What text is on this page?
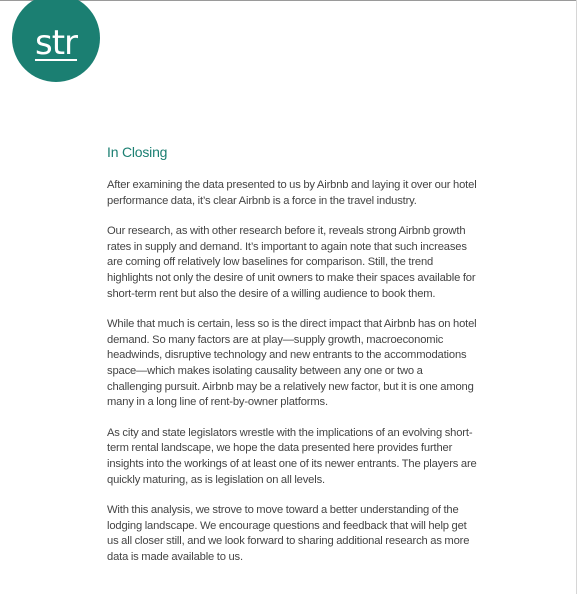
str
In Closing

After examining the data presented to us by Airbnb and laying it over our hotel performance data, it’s clear Airbnb is a force in the travel industry.

Our research, as with other research before it, reveals strong Airbnb growth rates in supply and demand. It’s important to again note that such increases are coming off relatively low baselines for comparison. Still, the trend highlights not only the desire of unit owners to make their spaces available for short-term rent but also the desire of a willing audience to book them.

While that much is certain, less so is the direct impact that Airbnb has on hotel demand. So many factors are at play—supply growth, macroeconomic headwinds, disruptive technology and new entrants to the accommodations space—which makes isolating causality between any one or two a challenging pursuit. Airbnb may be a relatively new factor, but it is one among many in a long line of rent-by-owner platforms.

As city and state legislators wrestle with the implications of an evolving short-term rental landscape, we hope the data presented here provides further insights into the workings of at least one of its newer entrants. The players are quickly maturing, as is legislation on all levels.

With this analysis, we strove to move toward a better understanding of the lodging landscape. We encourage questions and feedback that will help get us all closer still, and we look forward to sharing additional research as more data is made available to us.
